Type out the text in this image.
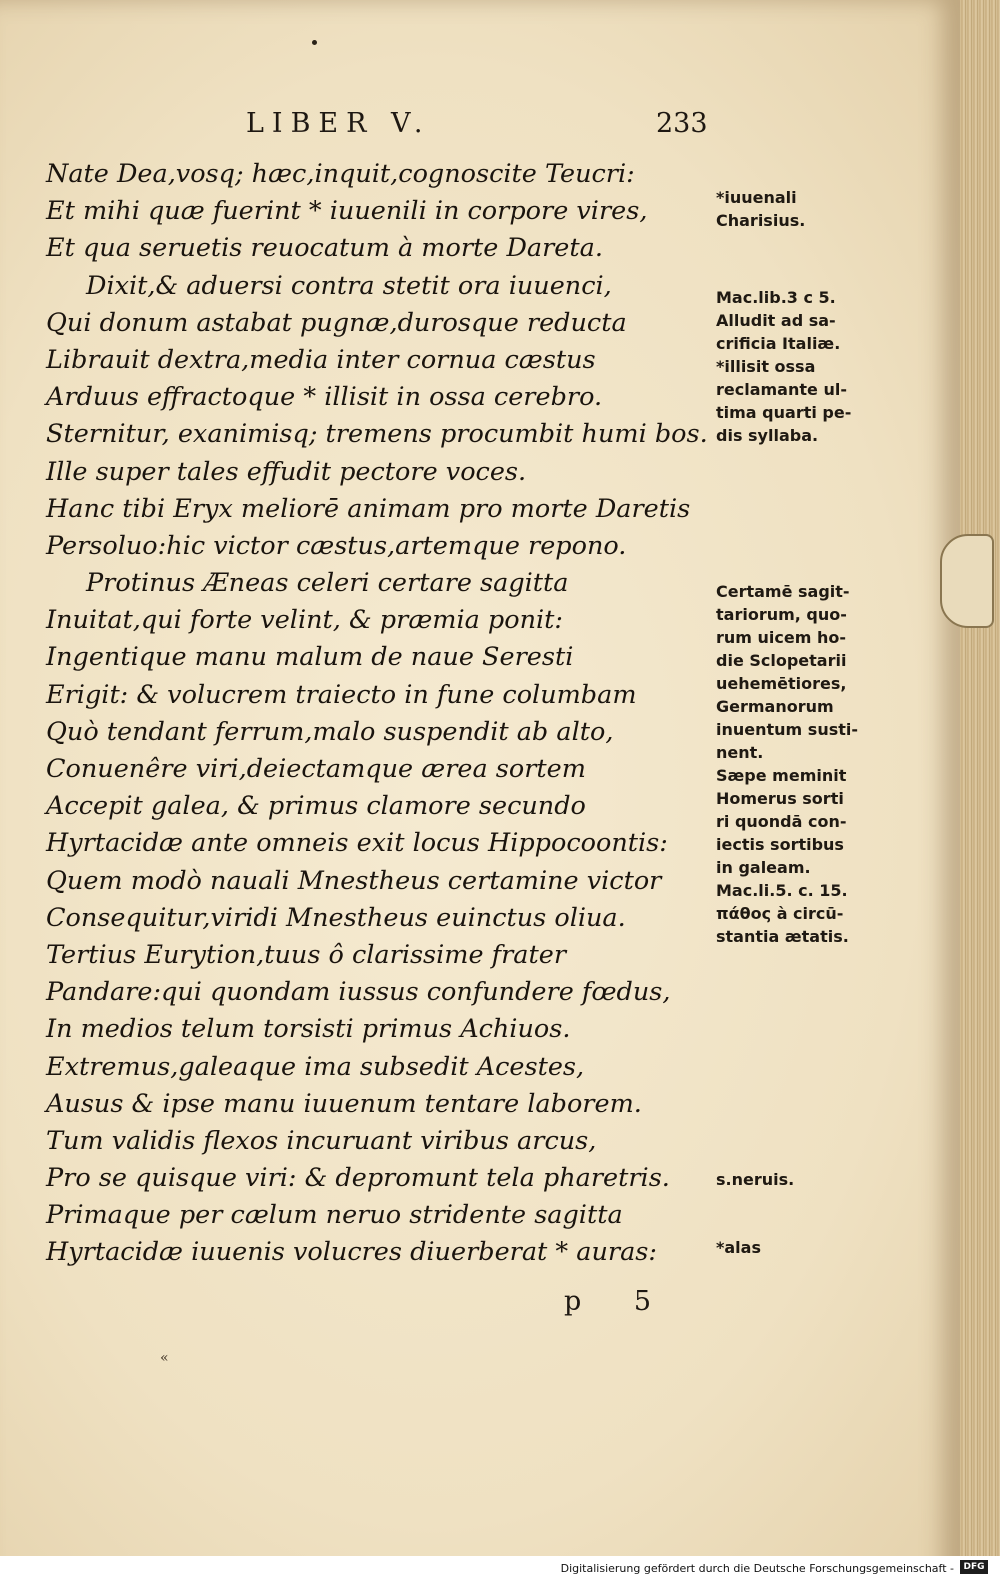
LIBER V.	233
Nate Dea,vosq; hæc,inquit,cognoscite Teucri:
Et mihi quæ fuerint * iuuenili in corpore vires,
Et qua seruetis reuocatum à morte Dareta.
Dixit,& aduersi contra stetit ora iuuenci,
Qui donum astabat pugnæ,durosque reducta
Librauit dextra,media inter cornua cæstus
Arduus effractoque * illisit in ossa cerebro.
Sternitur, exanimisq; tremens procumbit humi bos.
Ille super tales effudit pectore voces.
Hanc tibi Eryx meliorē animam pro morte Daretis
Persoluo:hic victor cæstus,artemque repono.
Protinus Æneas celeri certare sagitta
Inuitat,qui forte velint, & præmia ponit:
Ingentique manu malum de naue Seresti
Erigit: & volucrem traiecto in fune columbam
Quò tendant ferrum,malo suspendit ab alto,
Conuenêre viri,deiectamque ærea sortem
Accepit galea, & primus clamore secundo
Hyrtacidæ ante omneis exit locus Hippocoontis:
Quem modò nauali Mnestheus certamine victor
Consequitur,viridi Mnestheus euinctus oliua.
Tertius Eurytion,tuus ô clarissime frater
Pandare:qui quondam iussus confundere fœdus,
In medios telum torsisti primus Achiuos.
Extremus,galeaque ima subsedit Acestes,
Ausus & ipse manu iuuenum tentare laborem.
Tum validis flexos incuruant viribus arcus,
Pro se quisque viri: & depromunt tela pharetris.
Primaque per cælum neruo stridente sagitta
Hyrtacidæ iuuenis volucres diuerberat * auras:
*iuuenali
Charisius.
Mac.lib.3 c 5.
Alludit ad sa-
crificia Italiæ.
*illisit ossa
reclamante ul-
tima quarti pe-
dis syllaba.
Certamē sagit-
tariorum, quo-
rum uicem ho-
die Sclopetarii
uehemētiores,
Germanorum
inuentum susti-
nent.
Sæpe meminit
Homerus sorti
ri quondā con-
iectis sortibus
in galeam.
Mac.li.5. c. 15.
πάθος à circū-
stantia ætatis.
s.neruis.
*alas
p 5
«
Digitalisierung gefördert durch die Deutsche Forschungsgemeinschaft -	DFG
